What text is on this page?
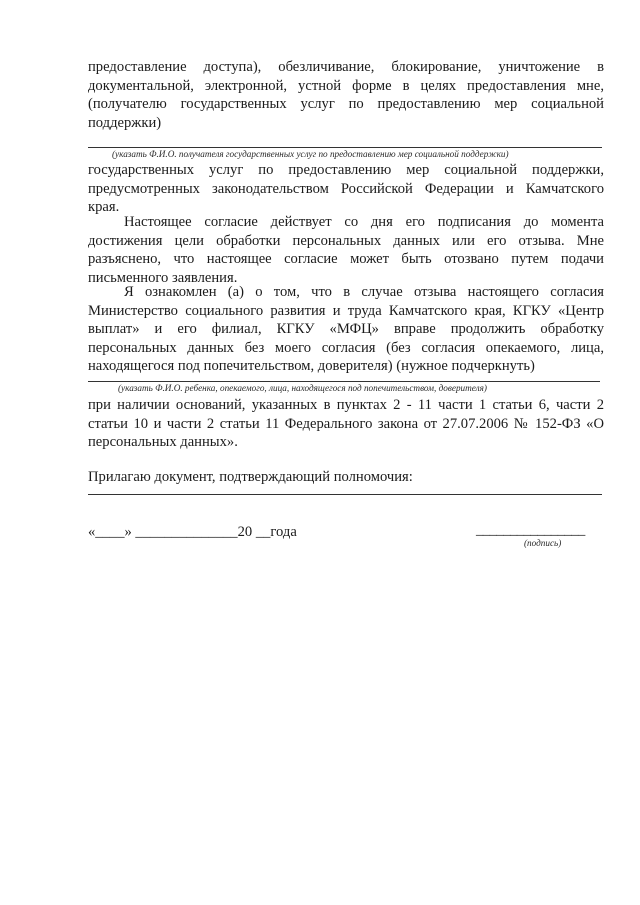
предоставление доступа), обезличивание, блокирование, уничтожение в
документальной, электронной, устной форме в целях предоставления мне,
(получателю государственных услуг по предоставлению мер социальной
поддержки)
(указать Ф.И.О. получателя государственных услуг по предоставлению мер социальной поддержки)
государственных услуг по предоставлению мер социальной поддержки,
предусмотренных законодательством Российской Федерации и Камчатского
края.
Настоящее согласие действует со дня его подписания до момента
достижения цели обработки персональных данных или его отзыва. Мне
разъяснено, что настоящее согласие может быть отозвано путем подачи
письменного заявления.
Я ознакомлен (а) о том, что в случае отзыва настоящего согласия
Министерство социального развития и труда Камчатского края, КГКУ «Центр
выплат» и его филиал, КГКУ «МФЦ» вправе продолжить обработку
персональных данных без моего согласия (без согласия опекаемого, лица,
находящегося под попечительством, доверителя) (нужное подчеркнуть)
(указать Ф.И.О. ребенка, опекаемого, лица, находящегося под попечительством, доверителя)
при наличии оснований, указанных в пунктах 2 - 11 части 1 статьи 6, части 2
статьи 10 и части 2 статьи 11 Федерального закона от 27.07.2006 № 152-ФЗ «О
персональных данных».
Прилагаю документ, подтверждающий полномочия:
«____» ______________20 __года	________________
(подпись)
